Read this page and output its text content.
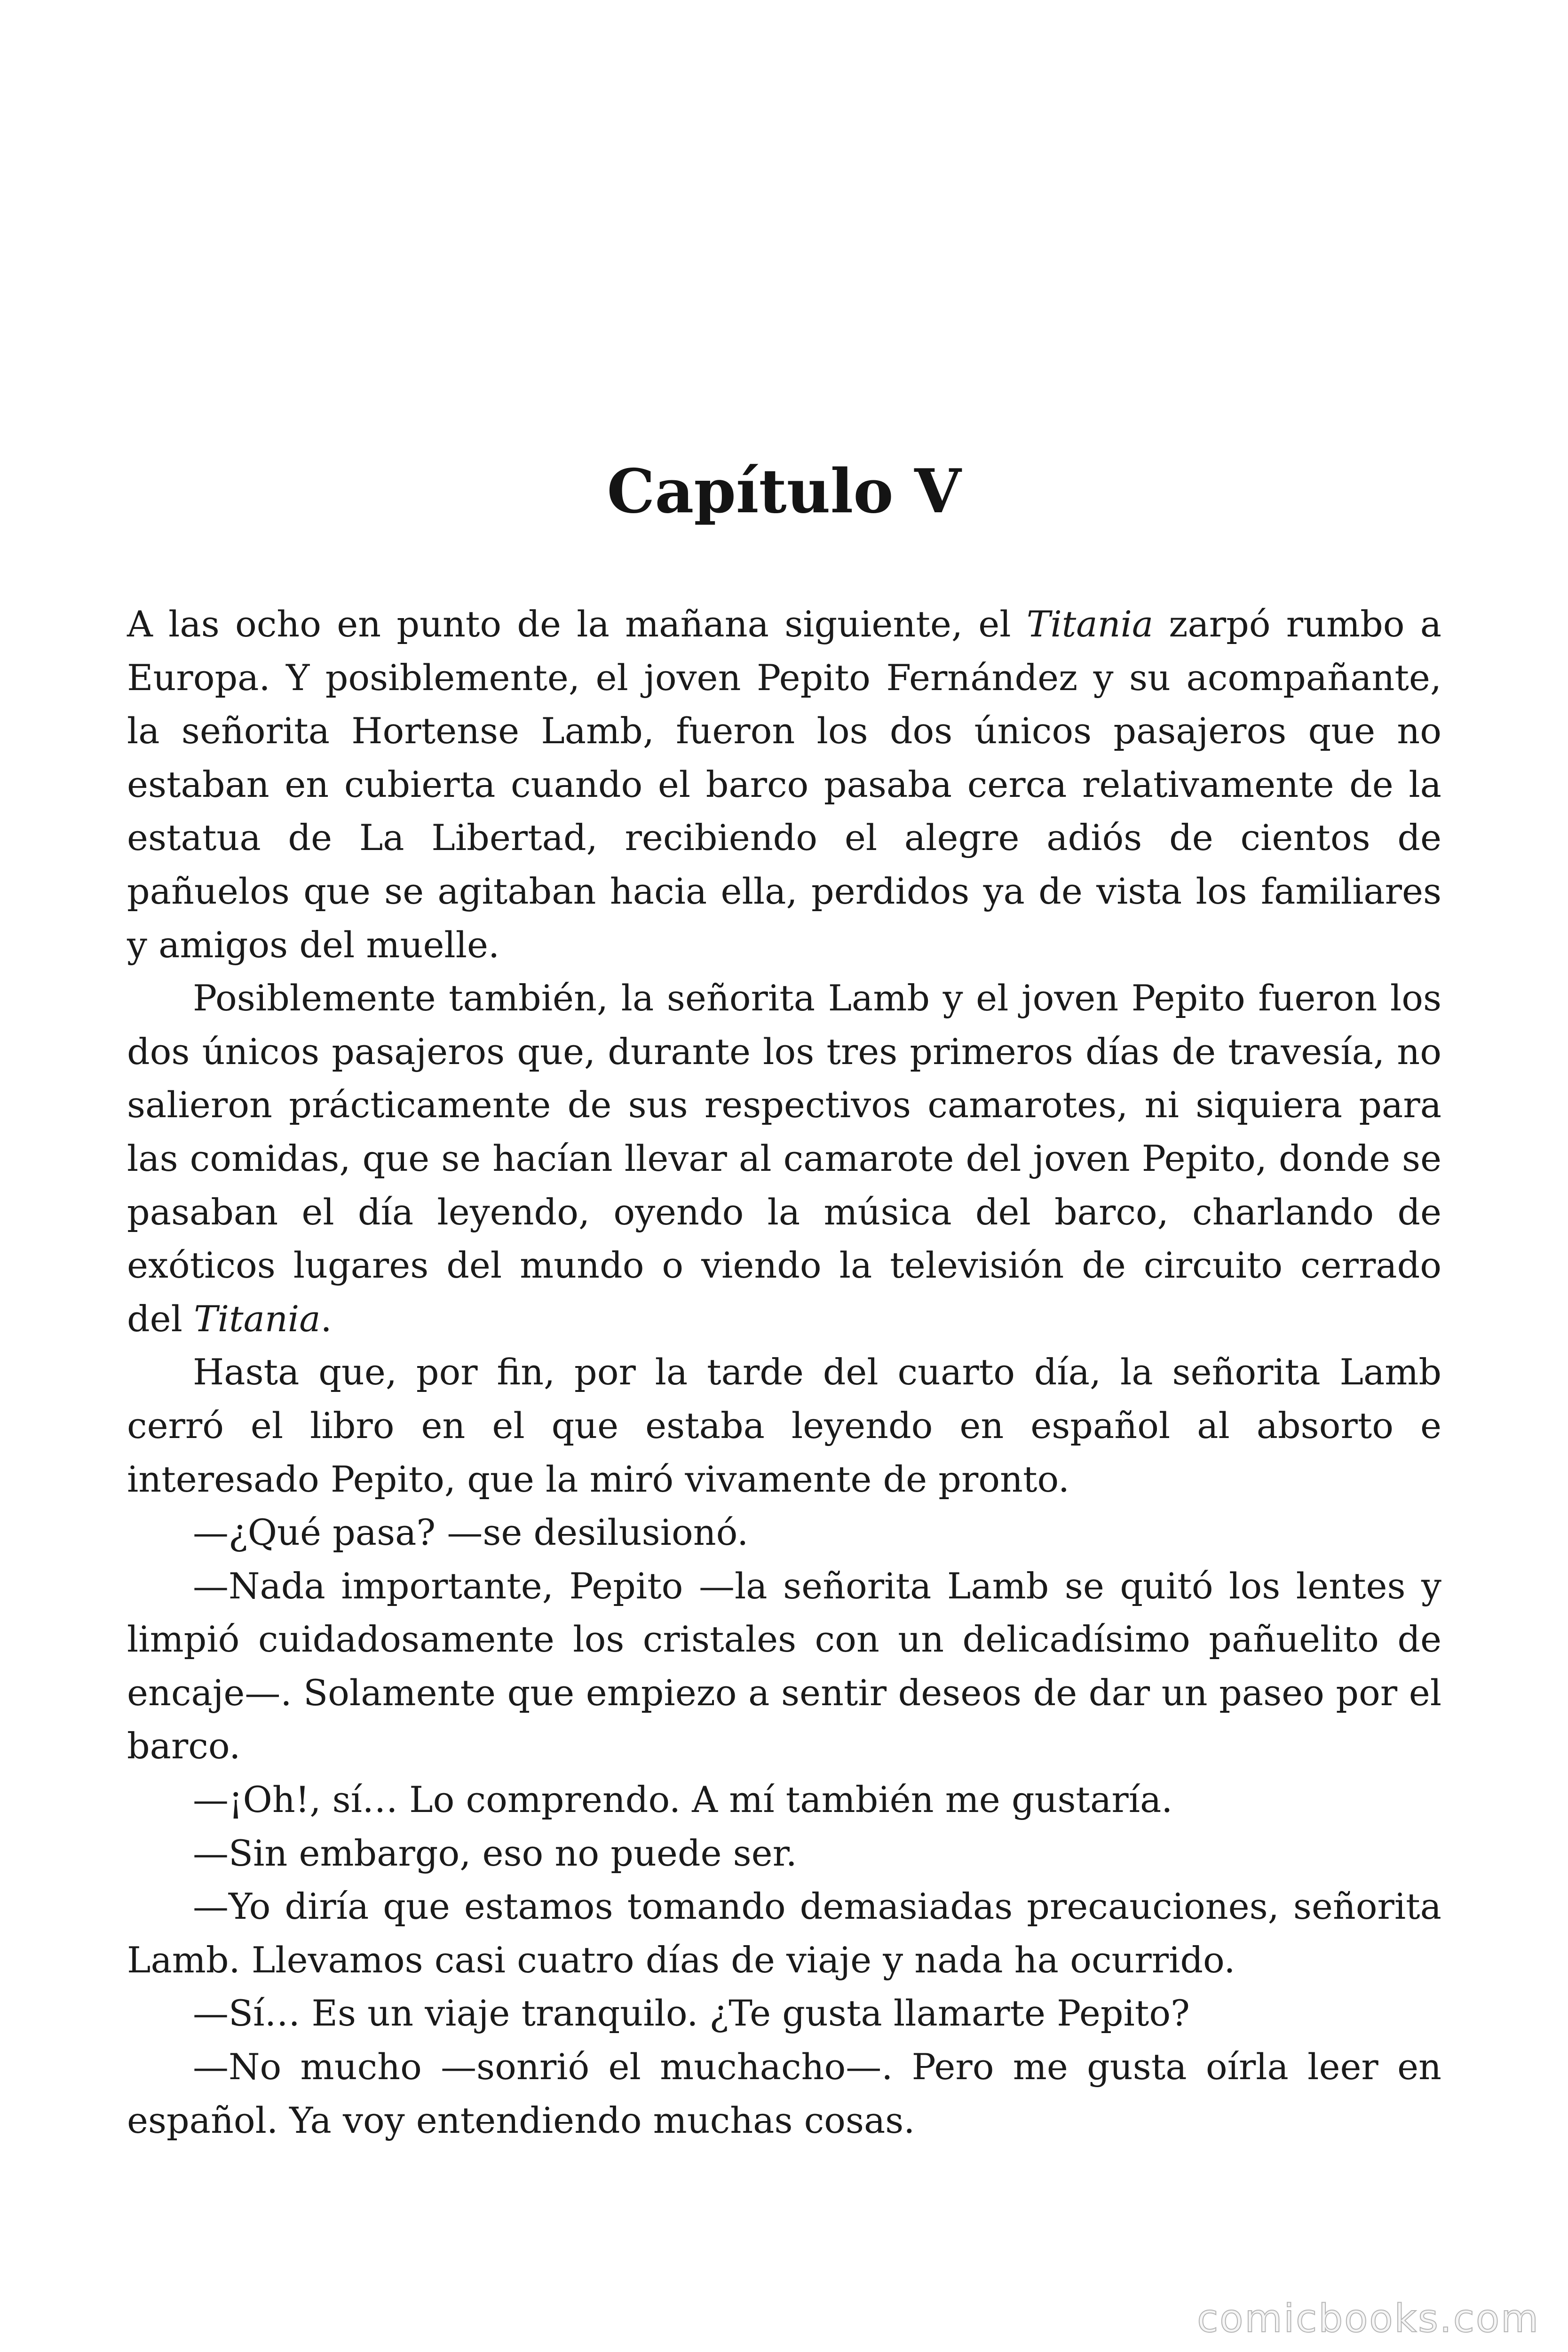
Capítulo V

A las ocho en punto de la mañana siguiente, el Titania zarpó rumbo a Europa. Y posiblemente, el joven Pepito Fernández y su acompañante, la señorita Hortense Lamb, fueron los dos únicos pasajeros que no estaban en cubierta cuando el barco pasaba cerca relativamente de la estatua de La Libertad, recibiendo el alegre adiós de cientos de pañuelos que se agitaban hacia ella, perdidos ya de vista los familiares y amigos del muelle.

Posiblemente también, la señorita Lamb y el joven Pepito fueron los dos únicos pasajeros que, durante los tres primeros días de travesía, no salieron prácticamente de sus respectivos camarotes, ni siquiera para las comidas, que se hacían llevar al camarote del joven Pepito, donde se pasaban el día leyendo, oyendo la música del barco, charlando de exóticos lugares del mundo o viendo la televisión de circuito cerrado del Titania.

Hasta que, por fin, por la tarde del cuarto día, la señorita Lamb cerró el libro en el que estaba leyendo en español al absorto e interesado Pepito, que la miró vivamente de pronto.

—¿Qué pasa? —se desilusionó.

—Nada importante, Pepito —la señorita Lamb se quitó los lentes y limpió cuidadosamente los cristales con un delicadísimo pañuelito de encaje—. Solamente que empiezo a sentir deseos de dar un paseo por el barco.

—¡Oh!, sí… Lo comprendo. A mí también me gustaría.

—Sin embargo, eso no puede ser.

—Yo diría que estamos tomando demasiadas precauciones, señorita Lamb. Llevamos casi cuatro días de viaje y nada ha ocurrido.

—Sí… Es un viaje tranquilo. ¿Te gusta llamarte Pepito?

—No mucho —sonrió el muchacho—. Pero me gusta oírla leer en español. Ya voy entendiendo muchas cosas.

comicbooks.com
